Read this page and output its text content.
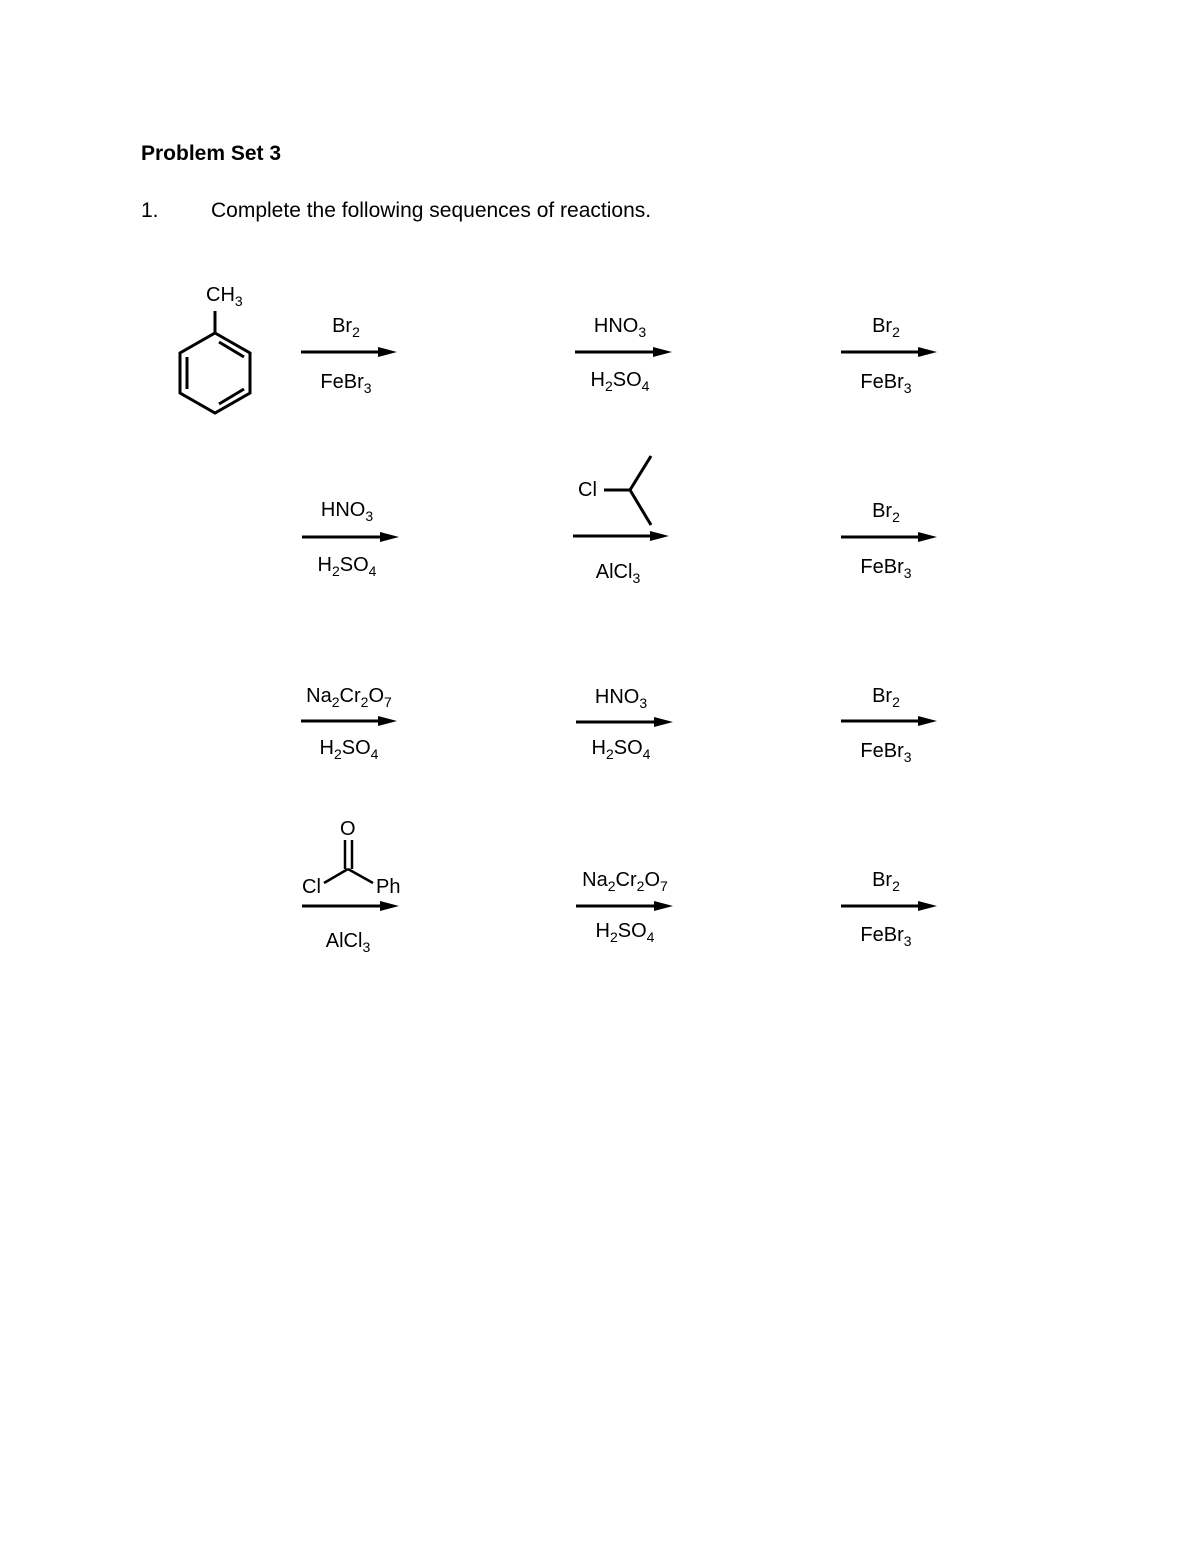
Problem Set 3
1. Complete the following sequences of reactions.
$CH_3$
Cl
O
Cl	Ph
$Br_2$
FeBr$_3$
$HNO_3$
$H_2SO_4$
$Br_2$
FeBr$_3$
$HNO_3$
$H_2SO_4$	AlCl$_3$
$Br_2$
FeBr$_3$
$Na_2Cr_2O_7$
$H_2SO_4$
$HNO_3$
$H_2SO_4$
$Br_2$
FeBr$_3$
AlCl$_3$
$Na_2Cr_2O_7$
$H_2SO_4$
$Br_2$
FeBr$_3$
